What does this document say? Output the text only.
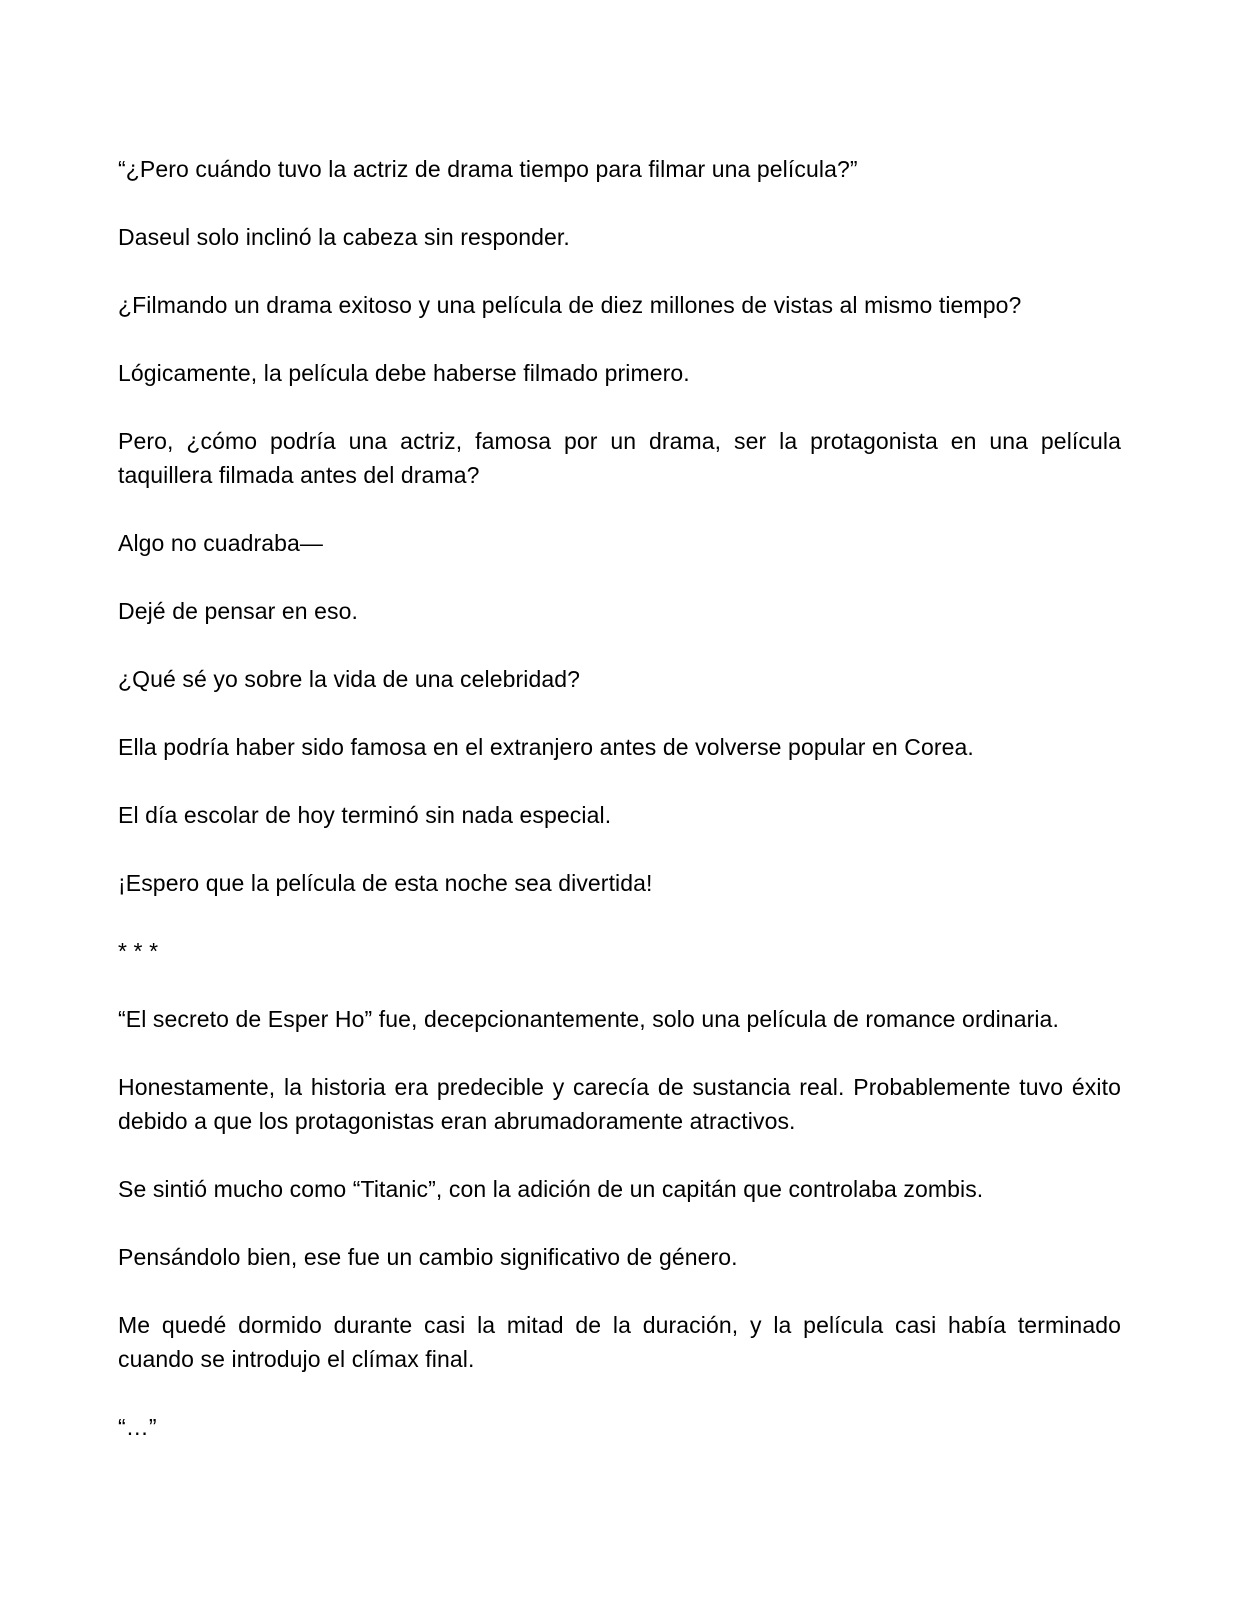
“¿Pero cuándo tuvo la actriz de drama tiempo para filmar una película?”

Daseul solo inclinó la cabeza sin responder.

¿Filmando un drama exitoso y una película de diez millones de vistas al mismo tiempo?

Lógicamente, la película debe haberse filmado primero.

Pero, ¿cómo podría una actriz, famosa por un drama, ser la protagonista en una película taquillera filmada antes del drama?

Algo no cuadraba—

Dejé de pensar en eso.

¿Qué sé yo sobre la vida de una celebridad?

Ella podría haber sido famosa en el extranjero antes de volverse popular en Corea.

El día escolar de hoy terminó sin nada especial.

¡Espero que la película de esta noche sea divertida!

* * *

“El secreto de Esper Ho” fue, decepcionantemente, solo una película de romance ordinaria.

Honestamente, la historia era predecible y carecía de sustancia real. Probablemente tuvo éxito debido a que los protagonistas eran abrumadoramente atractivos.

Se sintió mucho como “Titanic”, con la adición de un capitán que controlaba zombis.

Pensándolo bien, ese fue un cambio significativo de género.

Me quedé dormido durante casi la mitad de la duración, y la película casi había terminado cuando se introdujo el clímax final.

“…”
